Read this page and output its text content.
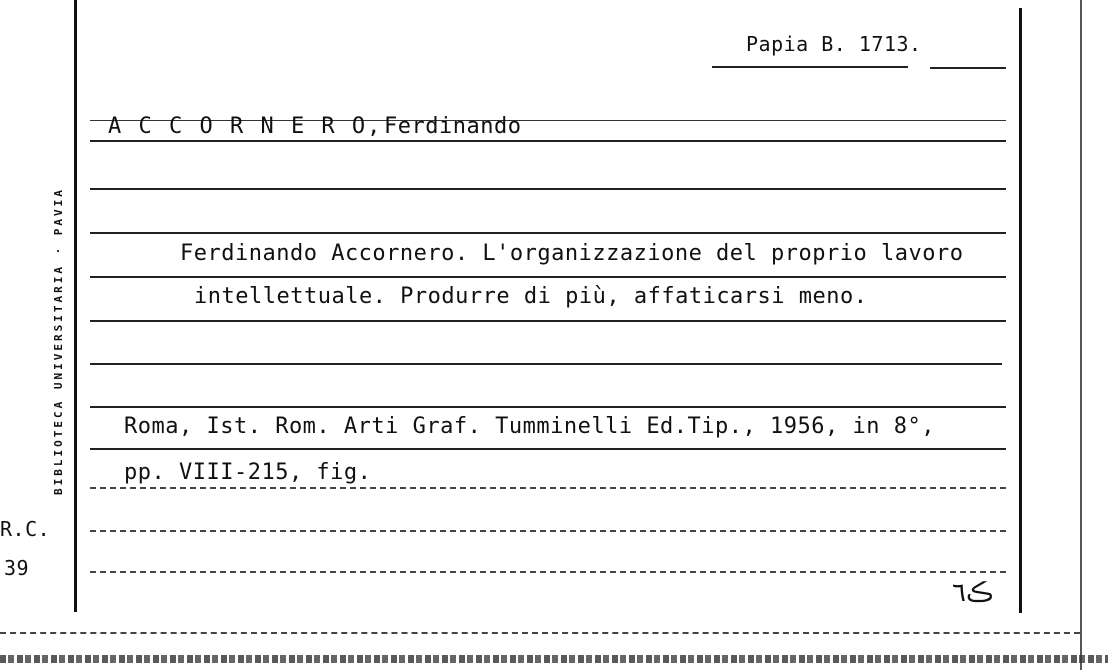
BIBLIOTECA UNIVERSITARIA · PAVIA
Papia B. 1713.
A C C O R N E R O, Ferdinando
Ferdinando Accornero. L'organizzazione del proprio lavoro
intellettuale. Produrre di più, affaticarsi meno.
Roma, Ist. Rom. Arti Graf. Tumminelli Ed.Tip., 1956, in 8°,
pp. VIII-215, fig.
R.C.
39
ڪ٦
